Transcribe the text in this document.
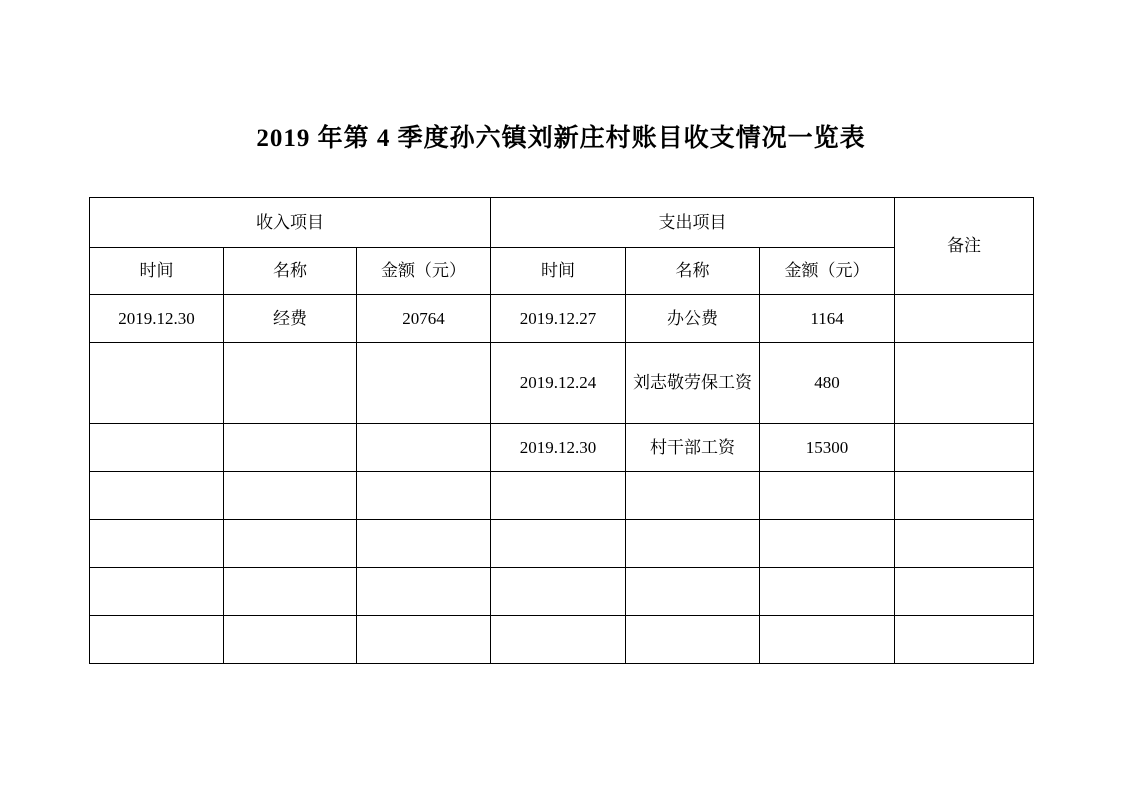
2019 年第 4 季度孙六镇刘新庄村账目收支情况一览表
收入项目			支出项目			备注
时间	名称	金额（元）	时间	名称	金额（元）	
2019.12.30	经费	20764	2019.12.27	办公费	1164	
			2019.12.24	刘志敬劳保工资	480	
			2019.12.30	村干部工资	15300	
